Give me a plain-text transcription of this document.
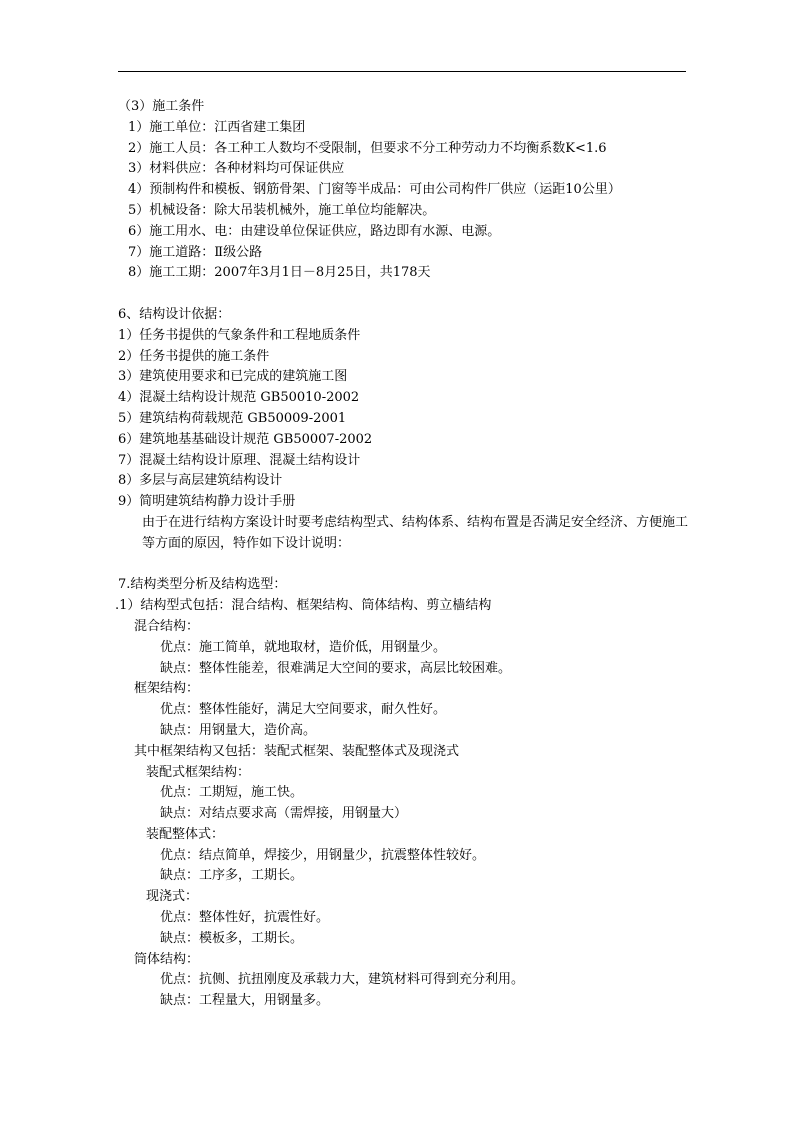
（3）施工条件
1）施工单位：江西省建工集团
2）施工人员：各工种工人数均不受限制，但要求不分工种劳动力不均衡系数K<1.6
3）材料供应：各种材料均可保证供应
4）预制构件和模板、钢筋骨架、门窗等半成品：可由公司构件厂供应（运距10公里）
5）机械设备：除大吊装机械外，施工单位均能解决。
6）施工用水、电：由建设单位保证供应，路边即有水源、电源。
7）施工道路：Ⅱ级公路
8）施工工期：2007年3月1日－8月25日，共178天
6、结构设计依据：
1）任务书提供的气象条件和工程地质条件
2）任务书提供的施工条件
3）建筑使用要求和已完成的建筑施工图
4）混凝土结构设计规范 GB50010-2002
5）建筑结构荷载规范 GB50009-2001
6）建筑地基基础设计规范 GB50007-2002
7）混凝土结构设计原理、混凝土结构设计
8）多层与高层建筑结构设计
9）简明建筑结构静力设计手册
由于在进行结构方案设计时要考虑结构型式、结构体系、结构布置是否满足安全经济、方便施工等方面的原因，特作如下设计说明：
7.结构类型分析及结构选型：
.1）结构型式包括：混合结构、框架结构、筒体结构、剪立樯结构
混合结构：
优点：施工简单，就地取材，造价低，用钢量少。
缺点：整体性能差，很难满足大空间的要求，高层比较困难。
框架结构：
优点：整体性能好，满足大空间要求，耐久性好。
缺点：用钢量大，造价高。
其中框架结构又包括：装配式框架、装配整体式及现浇式
装配式框架结构：
优点：工期短，施工快。
缺点：对结点要求高（需焊接，用钢量大）
装配整体式：
优点：结点简单，焊接少，用钢量少，抗震整体性较好。
缺点：工序多，工期长。
现浇式：
优点：整体性好，抗震性好。
缺点：模板多，工期长。
筒体结构：
优点：抗侧、抗扭刚度及承载力大，建筑材料可得到充分利用。
缺点：工程量大，用钢量多。
